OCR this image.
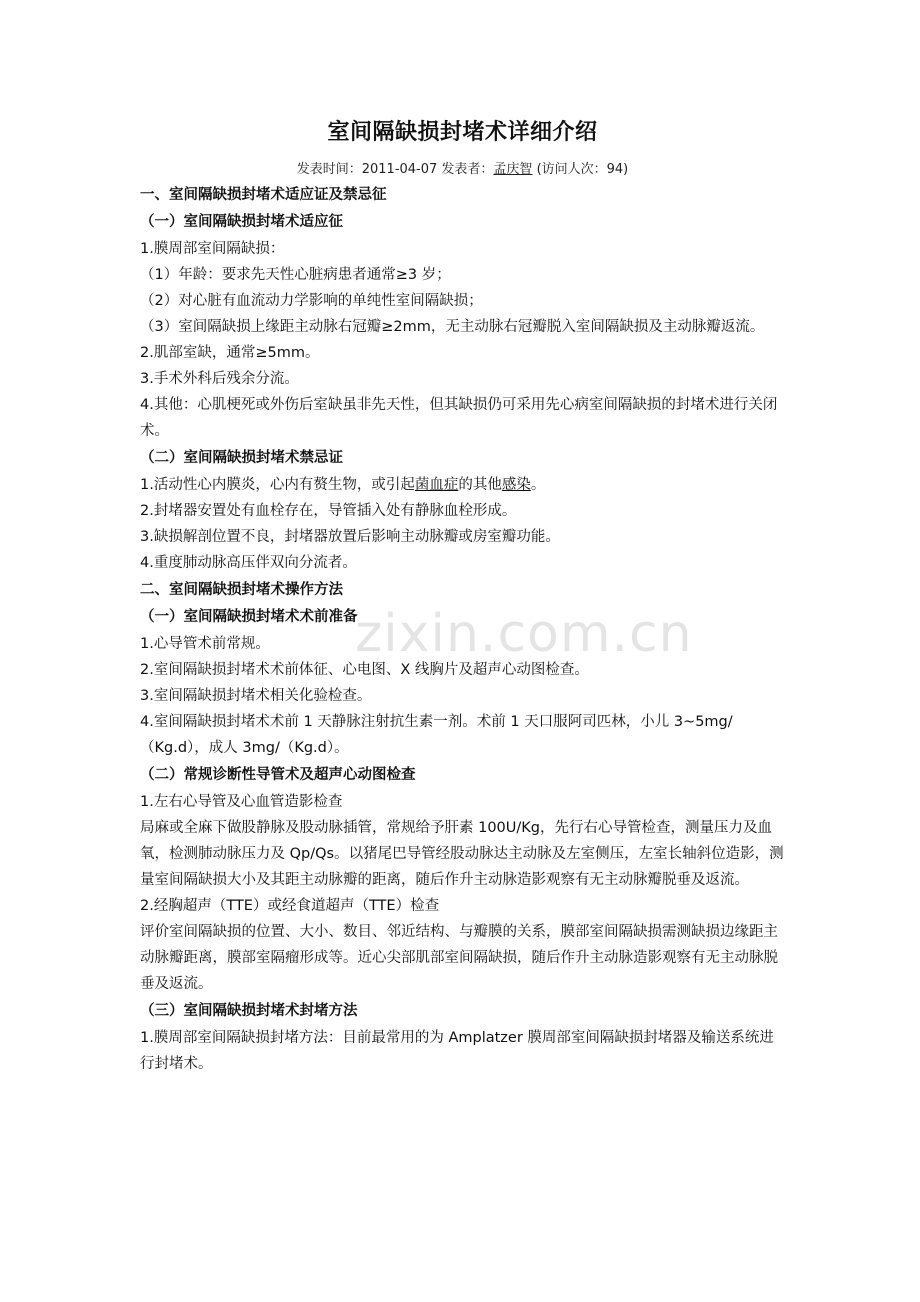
室间隔缺损封堵术详细介绍

发表时间：2011-04-07 发表者：孟庆智 (访问人次：94)

一、室间隔缺损封堵术适应证及禁忌征

（一）室间隔缺损封堵术适应征

1.膜周部室间隔缺损：

（1）年龄：要求先天性心脏病患者通常≥3 岁；

（2）对心脏有血流动力学影响的单纯性室间隔缺损；

（3）室间隔缺损上缘距主动脉右冠瓣≥2mm，无主动脉右冠瓣脱入室间隔缺损及主动脉瓣返流。

2.肌部室缺，通常≥5mm。

3.手术外科后残余分流。

4.其他：心肌梗死或外伤后室缺虽非先天性，但其缺损仍可采用先心病室间隔缺损的封堵术进行关闭术。

（二）室间隔缺损封堵术禁忌证

1.活动性心内膜炎，心内有赘生物，或引起菌血症的其他感染。

2.封堵器安置处有血栓存在，导管插入处有静脉血栓形成。

3.缺损解剖位置不良，封堵器放置后影响主动脉瓣或房室瓣功能。

4.重度肺动脉高压伴双向分流者。

二、室间隔缺损封堵术操作方法

（一）室间隔缺损封堵术术前准备

1.心导管术前常规。

2.室间隔缺损封堵术术前体征、心电图、X 线胸片及超声心动图检查。

3.室间隔缺损封堵术相关化验检查。

4.室间隔缺损封堵术术前 1 天静脉注射抗生素一剂。术前 1 天口服阿司匹林，小儿 3~5mg/（Kg.d），成人 3mg/（Kg.d）。

（二）常规诊断性导管术及超声心动图检查

1.左右心导管及心血管造影检查

局麻或全麻下做股静脉及股动脉插管，常规给予肝素 100U/Kg，先行右心导管检查，测量压力及血氧，检测肺动脉压力及 Qp/Qs。以猪尾巴导管经股动脉达主动脉及左室侧压，左室长轴斜位造影，测量室间隔缺损大小及其距主动脉瓣的距离，随后作升主动脉造影观察有无主动脉瓣脱垂及返流。

2.经胸超声（TTE）或经食道超声（TTE）检查

评价室间隔缺损的位置、大小、数目、邻近结构、与瓣膜的关系，膜部室间隔缺损需测缺损边缘距主动脉瓣距离，膜部室隔瘤形成等。近心尖部肌部室间隔缺损，随后作升主动脉造影观察有无主动脉脱垂及返流。

（三）室间隔缺损封堵术封堵方法

1.膜周部室间隔缺损封堵方法：目前最常用的为 Amplatzer 膜周部室间隔缺损封堵器及输送系统进行封堵术。

zixin.com.cn
